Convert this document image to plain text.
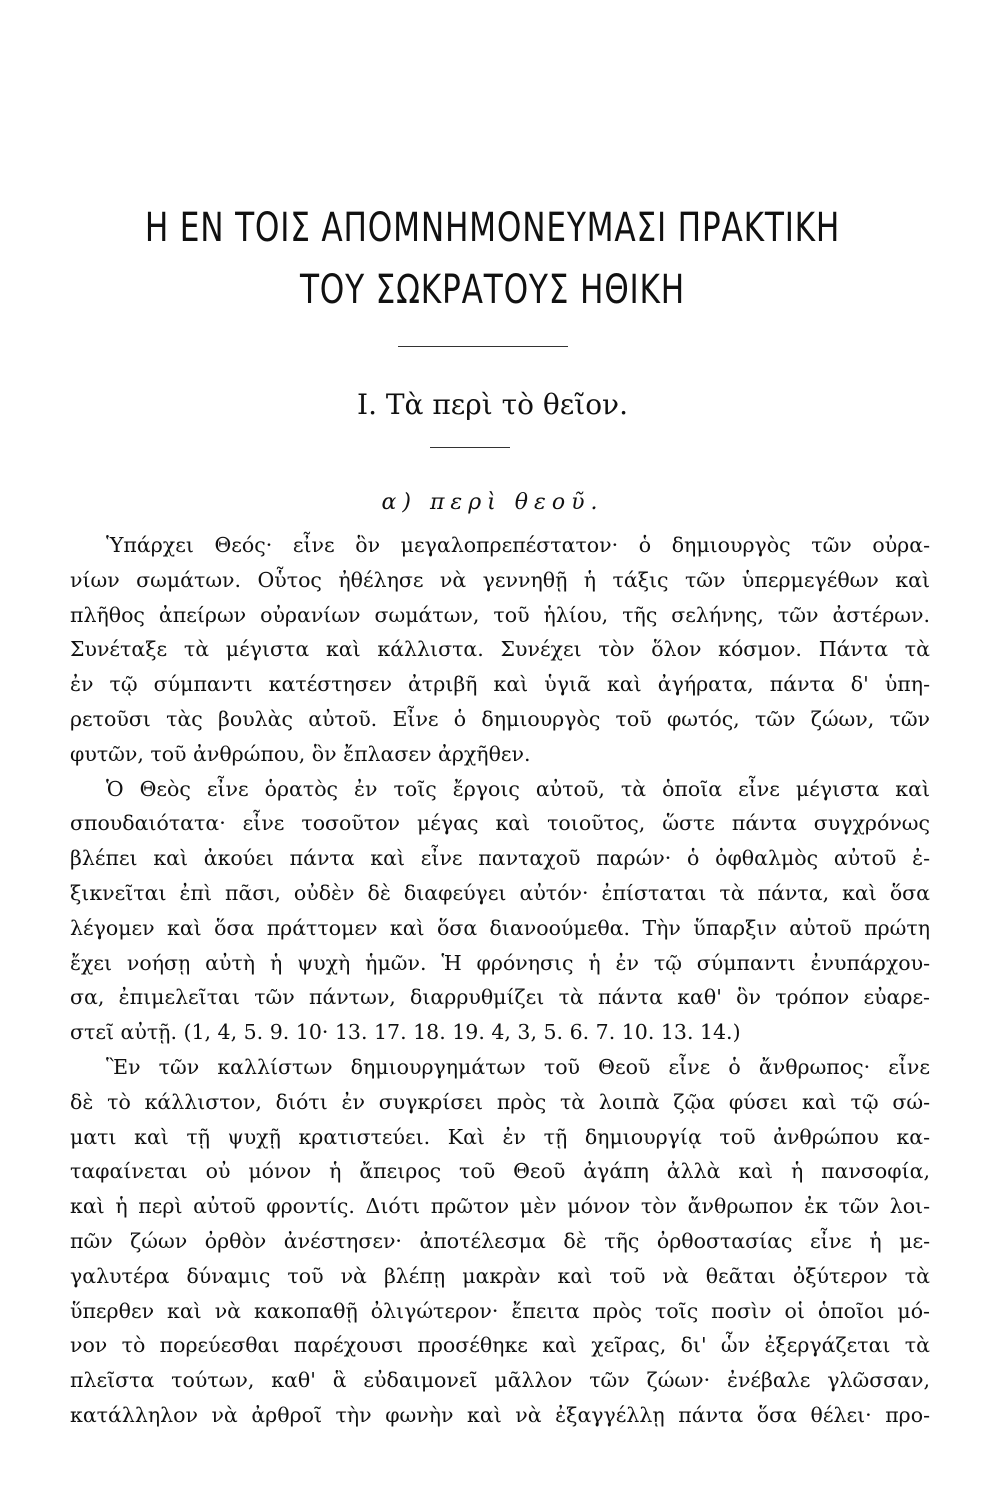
Η ΕΝ ΤΟΙΣ ΑΠΟΜΝΗΜΟΝΕΥΜΑΣΙ ΠΡΑΚΤΙΚΗ
ΤΟΥ ΣΩΚΡΑΤΟΥΣ ΗΘΙΚΗ
I. Τὰ περὶ τὸ θεῖον.
α) περὶ θεοῦ.
Ὑπάρχει Θεός· εἶνε ὃν μεγαλοπρεπέστατον· ὁ δημιουργὸς τῶν οὐρα-
νίων σωμάτων. Οὗτος ἠθέλησε νὰ γεννηθῇ ἡ τάξις τῶν ὑπερμεγέθων καὶ
πλῆθος ἀπείρων οὐρανίων σωμάτων, τοῦ ἡλίου, τῆς σελήνης, τῶν ἀστέρων.
Συνέταξε τὰ μέγιστα καὶ κάλλιστα. Συνέχει τὸν ὅλον κόσμον. Πάντα τὰ
ἐν τῷ σύμπαντι κατέστησεν ἀτριβῆ καὶ ὑγιᾶ καὶ ἀγήρατα, πάντα δ' ὑπη-
ρετοῦσι τὰς βουλὰς αὐτοῦ. Εἶνε ὁ δημιουργὸς τοῦ φωτός, τῶν ζώων, τῶν
φυτῶν, τοῦ ἀνθρώπου, ὃν ἔπλασεν ἀρχῆθεν.
Ὁ Θεὸς εἶνε ὁρατὸς ἐν τοῖς ἔργοις αὐτοῦ, τὰ ὁποῖα εἶνε μέγιστα καὶ
σπουδαιότατα· εἶνε τοσοῦτον μέγας καὶ τοιοῦτος, ὥστε πάντα συγχρόνως
βλέπει καὶ ἀκούει πάντα καὶ εἶνε πανταχοῦ παρών· ὁ ὀφθαλμὸς αὐτοῦ ἐ-
ξικνεῖται ἐπὶ πᾶσι, οὐδὲν δὲ διαφεύγει αὐτόν· ἐπίσταται τὰ πάντα, καὶ ὅσα
λέγομεν καὶ ὅσα πράττομεν καὶ ὅσα διανοούμεθα. Τὴν ὕπαρξιν αὐτοῦ πρώτη
ἔχει νοήσῃ αὐτὴ ἡ ψυχὴ ἡμῶν. Ἡ φρόνησις ἡ ἐν τῷ σύμπαντι ἐνυπάρχου-
σα, ἐπιμελεῖται τῶν πάντων, διαρρυθμίζει τὰ πάντα καθ' ὃν τρόπον εὐαρε-
στεῖ αὐτῇ. (1, 4, 5. 9. 10· 13. 17. 18. 19. 4, 3, 5. 6. 7. 10. 13. 14.)
Ἓν τῶν καλλίστων δημιουργημάτων τοῦ Θεοῦ εἶνε ὁ ἄνθρωπος· εἶνε
δὲ τὸ κάλλιστον, διότι ἐν συγκρίσει πρὸς τὰ λοιπὰ ζῷα φύσει καὶ τῷ σώ-
ματι καὶ τῇ ψυχῇ κρατιστεύει. Καὶ ἐν τῇ δημιουργίᾳ τοῦ ἀνθρώπου κα-
ταφαίνεται οὐ μόνον ἡ ἄπειρος τοῦ Θεοῦ ἀγάπη ἀλλὰ καὶ ἡ πανσοφία,
καὶ ἡ περὶ αὐτοῦ φροντίς. Διότι πρῶτον μὲν μόνον τὸν ἄνθρωπον ἐκ τῶν λοι-
πῶν ζώων ὀρθὸν ἀνέστησεν· ἀποτέλεσμα δὲ τῆς ὀρθοστασίας εἶνε ἡ με-
γαλυτέρα δύναμις τοῦ νὰ βλέπῃ μακρὰν καὶ τοῦ νὰ θεᾶται ὀξύτερον τὰ
ὕπερθεν καὶ νὰ κακοπαθῇ ὀλιγώτερον· ἔπειτα πρὸς τοῖς ποσὶν οἱ ὁποῖοι μό-
νον τὸ πορεύεσθαι παρέχουσι προσέθηκε καὶ χεῖρας, δι' ὧν ἐξεργάζεται τὰ
πλεῖστα τούτων, καθ' ἃ εὐδαιμονεῖ μᾶλλον τῶν ζώων· ἐνέβαλε γλῶσσαν,
κατάλληλον νὰ ἀρθροῖ τὴν φωνὴν καὶ νὰ ἐξαγγέλλῃ πάντα ὅσα θέλει· προ-
